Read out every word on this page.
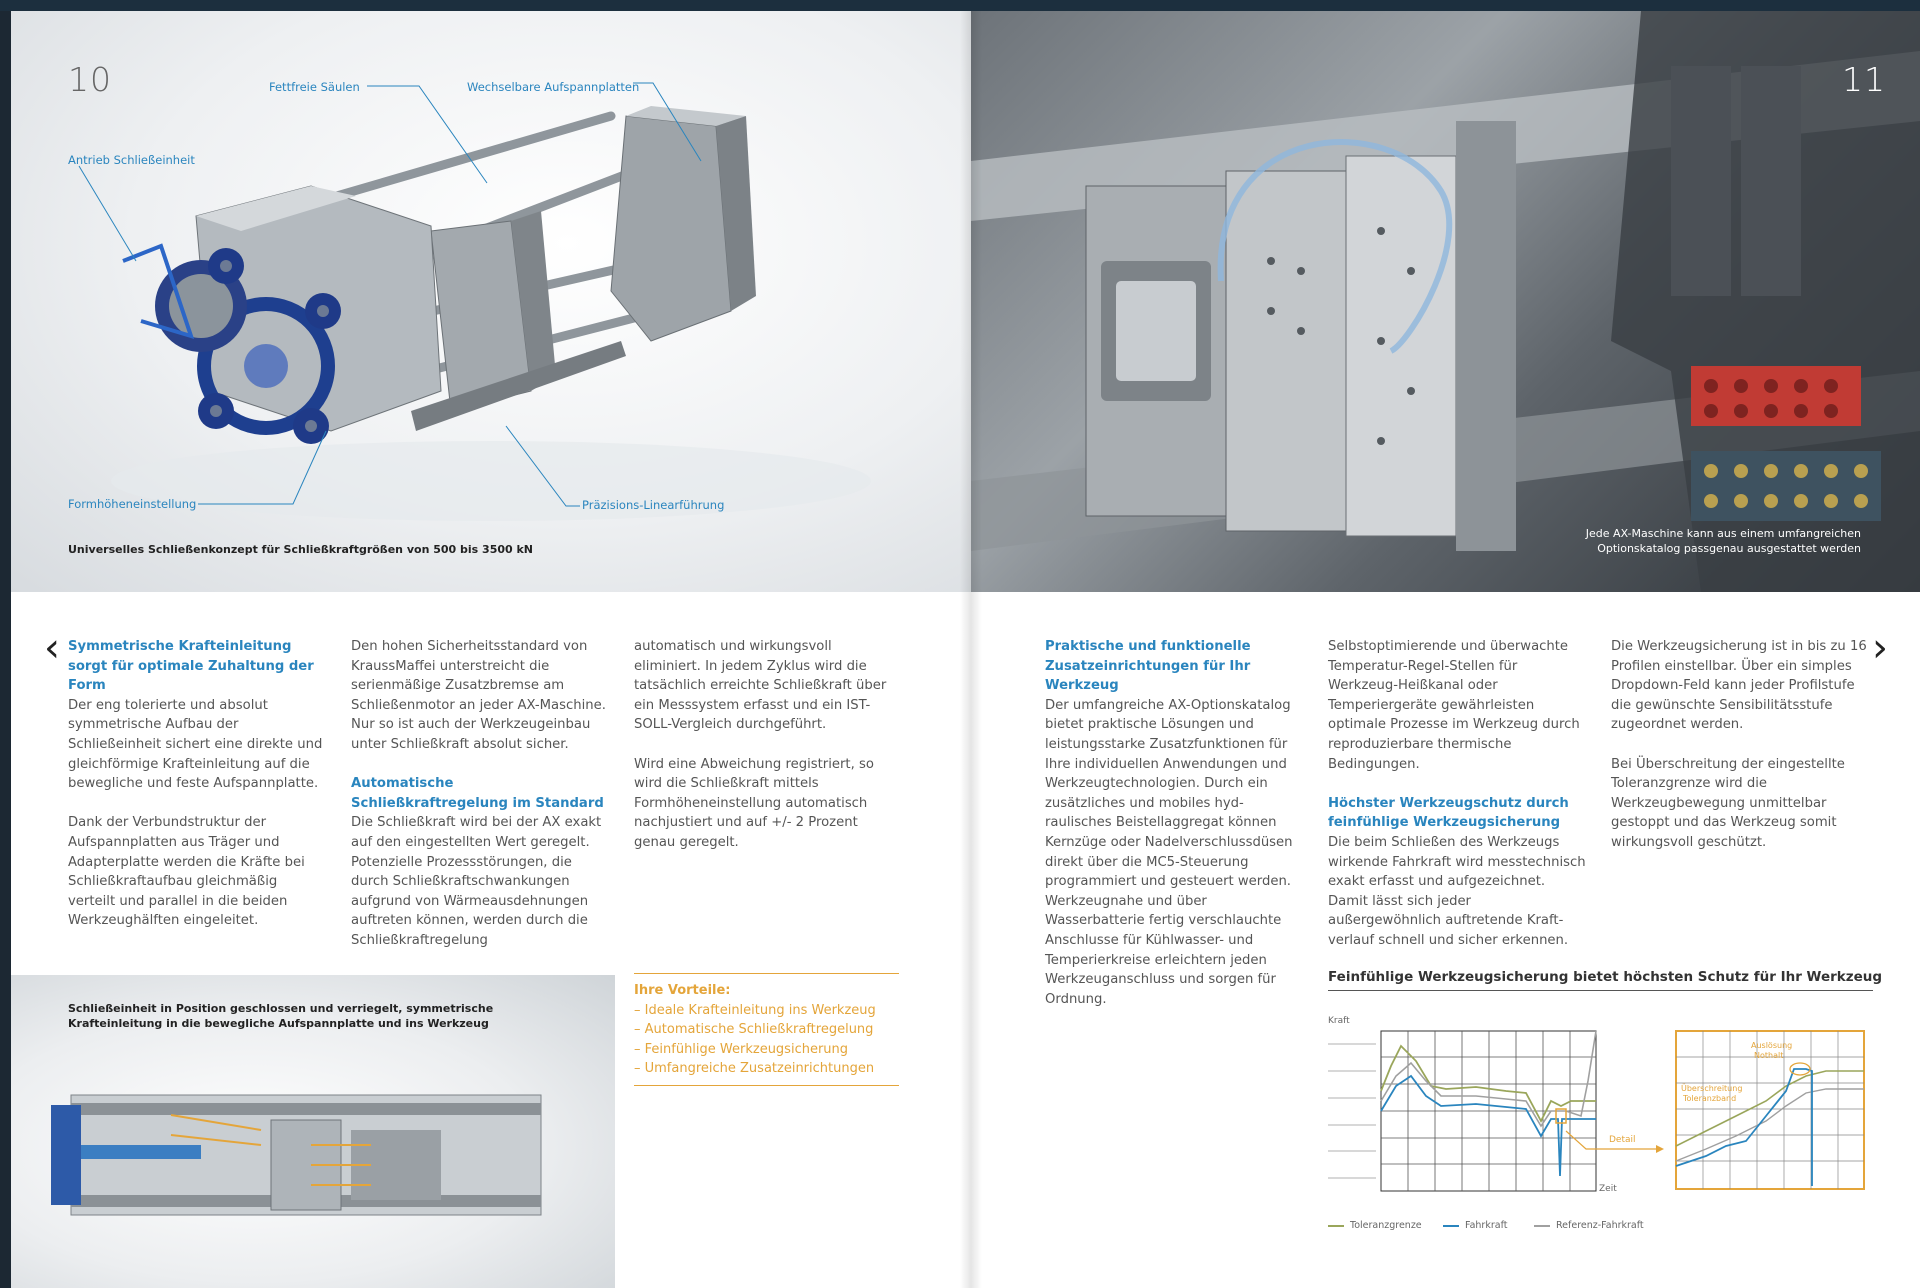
10	Fettfreie Säulen	Wechselbare Aufspannplatten
Antrieb Schließeinheit
Formhöheneinstellung	Präzisions-Linearführung
Universelles Schließenkonzept für Schließkraftgrößen von 500 bis 3500 kN
Symmetrische Krafteinleitung sorgt für optimale Zuhaltung der Form

Der eng tolerierte und absolut symmetrische Aufbau der Schließeinheit sichert eine direkte und gleichförmige Krafteinleitung auf die bewegliche und feste Aufspannplatte.

Dank der Verbundstruktur der Aufspannplatten aus Träger und Adapterplatte werden die Kräfte bei Schließkraftaufbau gleichmäßig verteilt und parallel in die beiden Werkzeughälften eingeleitet.

Den hohen Sicherheitsstandard von KraussMaffei unterstreicht die serienmäßige Zusatzbremse am Schließenmotor an jeder AX-Maschine. Nur so ist auch der Werkzeugeinbau unter Schließkraft absolut sicher.

Automatische Schließkraftregelung im Standard

Die Schließkraft wird bei der AX exakt auf den eingestellten Wert geregelt. Potenzielle Prozessstörungen, die durch Schließkraftschwankungen aufgrund von Wärmeausdehnungen auftreten können, werden durch die Schließkraftregelung

automatisch und wirkungsvoll eliminiert. In jedem Zyklus wird die tatsächlich erreichte Schließkraft über ein Messsystem erfasst und ein IST-SOLL-Vergleich durchgeführt.

Wird eine Abweichung registriert, so wird die Schließkraft mittels Formhöheneinstellung automatisch nachjustiert und auf +/- 2 Prozent genau geregelt.

Schließeinheit in Position geschlossen und verriegelt, symmetrische Krafteinleitung in die bewegliche Aufspannplatte und ins Werkzeug
Ihre Vorteile:
– Ideale Krafteinleitung ins Werkzeug
– Automatische Schließkraftregelung
– Feinfühlige Werkzeugsicherung
– Umfangreiche Zusatzeinrichtungen
11
Jede AX-Maschine kann aus einem umfangreichen Optionskatalog passgenau ausgestattet werden
Praktische und funktionelle Zusatzeinrichtungen für Ihr Werkzeug

Der umfangreiche AX-Optionskatalog bietet praktische Lösungen und leistungsstarke Zusatzfunktionen für Ihre individuellen Anwendungen und Werkzeugtechnologien. Durch ein zusätzliches und mobiles hydraulisches Beistellaggregat können Kernzüge oder Nadelverschlussdüsen direkt über die MC5-Steuerung programmiert und gesteuert werden. Werkzeugnahe und über Wasserbatterie fertig verschlauchte Anschlusse für Kühlwasser- und Temperierkreise erleichtern jeden Werkzeuganschluss und sorgen für Ordnung.

Selbstoptimierende und überwachte Temperatur-Regel-Stellen für Werkzeug-Heißkanal oder Temperiergeräte gewährleisten optimale Prozesse im Werkzeug durch reproduzierbare thermische Bedingungen.

Höchster Werkzeugschutz durch feinfühlige Werkzeugsicherung

Die beim Schließen des Werkzeugs wirkende Fahrkraft wird messtechnisch exakt erfasst und aufgezeichnet. Damit lässt sich jeder außergewöhnlich auftretende Kraftverlauf schnell und sicher erkennen.

Die Werkzeugsicherung ist in bis zu 16 Profilen einstellbar. Über ein simples Dropdown-Feld kann jeder Profilstufe die gewünschte Sensibilitätsstufe zugeordnet werden.

Bei Überschreitung der eingestellte Toleranzgrenze wird die Werkzeugbewegung unmittelbar gestoppt und das Werkzeug somit wirkungsvoll geschützt.

Feinfühlige Werkzeugsicherung bietet höchsten Schutz für Ihr Werkzeug
Kraft
Zeit
Detail
Auslösung
Nothalt
Überschreitung
Toleranzband
Toleranzgrenze	Fahrkraft	Referenz-Fahrkraft
‹	›
